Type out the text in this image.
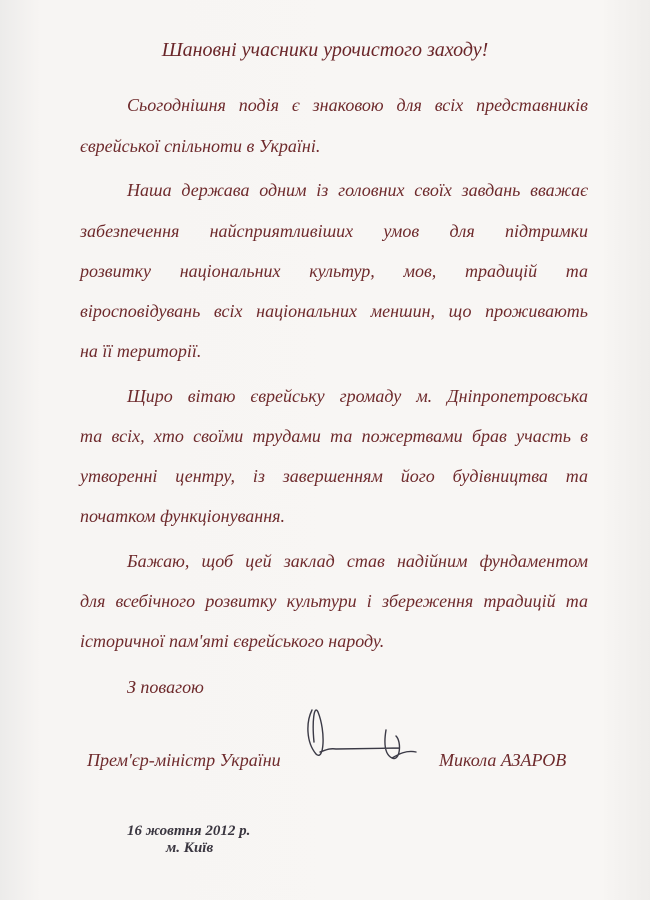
Шановні учасники урочистого заходу!
Сьогоднішня подія є знаковою для всіх представників
єврейської спільноти в Україні.
Наша держава одним із головних своїх завдань вважає
забезпечення найсприятливіших умов для підтримки
розвитку національних культур, мов, традицій та
віросповідувань всіх національних меншин, що проживають
на її території.
Щиро вітаю єврейську громаду м. Дніпропетровська
та всіх, хто своїми трудами та пожертвами брав участь в
утворенні центру, із завершенням його будівництва та
початком функціонування.
Бажаю, щоб цей заклад став надійним фундаментом
для всебічного розвитку культури і збереження традицій та
історичної пам'яті єврейського народу.
З повагою
Прем'єр-міністр України	Микола АЗАРОВ
16 жовтня 2012 р.
м. Київ
